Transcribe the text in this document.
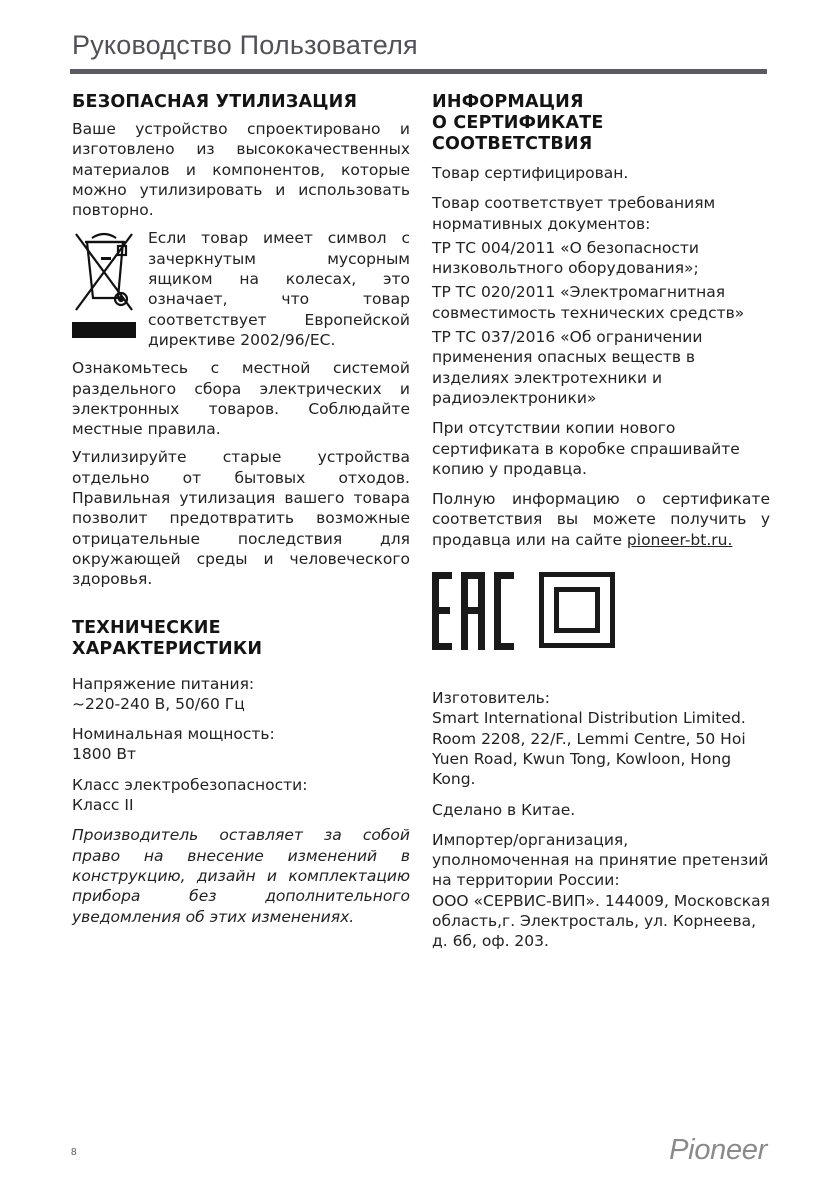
Руководство Пользователя
БЕЗОПАСНАЯ УТИЛИЗАЦИЯ

Ваше устройство спроектировано и изготовлено из высококачественных материалов и компонентов, которые можно утилизировать и использовать повторно.

Если товар имеет символ с зачеркнутым мусорным ящиком на колесах, это означает, что товар соответствует Европейской директиве 2002/96/EC.

Ознакомьтесь с местной системой раздельного сбора электрических и электронных товаров. Соблюдайте местные правила.

Утилизируйте старые устройства отдельно от бытовых отходов. Правильная утилизация вашего товара позволит предотвратить возможные отрицательные последствия для окружающей среды и человеческого здоровья.

ТЕХНИЧЕСКИЕ
ХАРАКТЕРИСТИКИ

Напряжение питания:
~220-240 В, 50/60 Гц

Номинальная мощность:
1800 Вт

Класс электробезопасности:
Класс II

Производитель оставляет за собой право на внесение изменений в конструкцию, дизайн и комплектацию прибора без дополнительного уведомления об этих изменениях.

ИНФОРМАЦИЯ
О СЕРТИФИКАТЕ
СООТВЕТСТВИЯ

Товар сертифицирован.

Товар соответствует требованиям нормативных документов:

ТР ТС 004/2011 «О безопасности низковольтного оборудования»;

ТР ТС 020/2011 «Электромагнитная совместимость технических средств»

ТР ТС 037/2016 «Об ограничении применения опасных веществ в изделиях электротехники и радиоэлектроники»

При отсутствии копии нового сертификата в коробке спрашивайте копию у продавца.

Полную информацию о сертификате соответствия вы можете получить у продавца или на сайте pioneer-bt.ru.

Изготовитель:
Smart International Distribution Limited. Room 2208, 22/F., Lemmi Centre, 50 Hoi Yuen Road, Kwun Tong, Kowloon, Hong Kong.

Сделано в Китае.

Импортер/организация, уполномоченная на принятие претензий на территории России:
ООО «СЕРВИС-ВИП». 144009, Московская область,г. Электросталь, ул. Корнеева, д. 6б, оф. 203.

8	Pioneer
